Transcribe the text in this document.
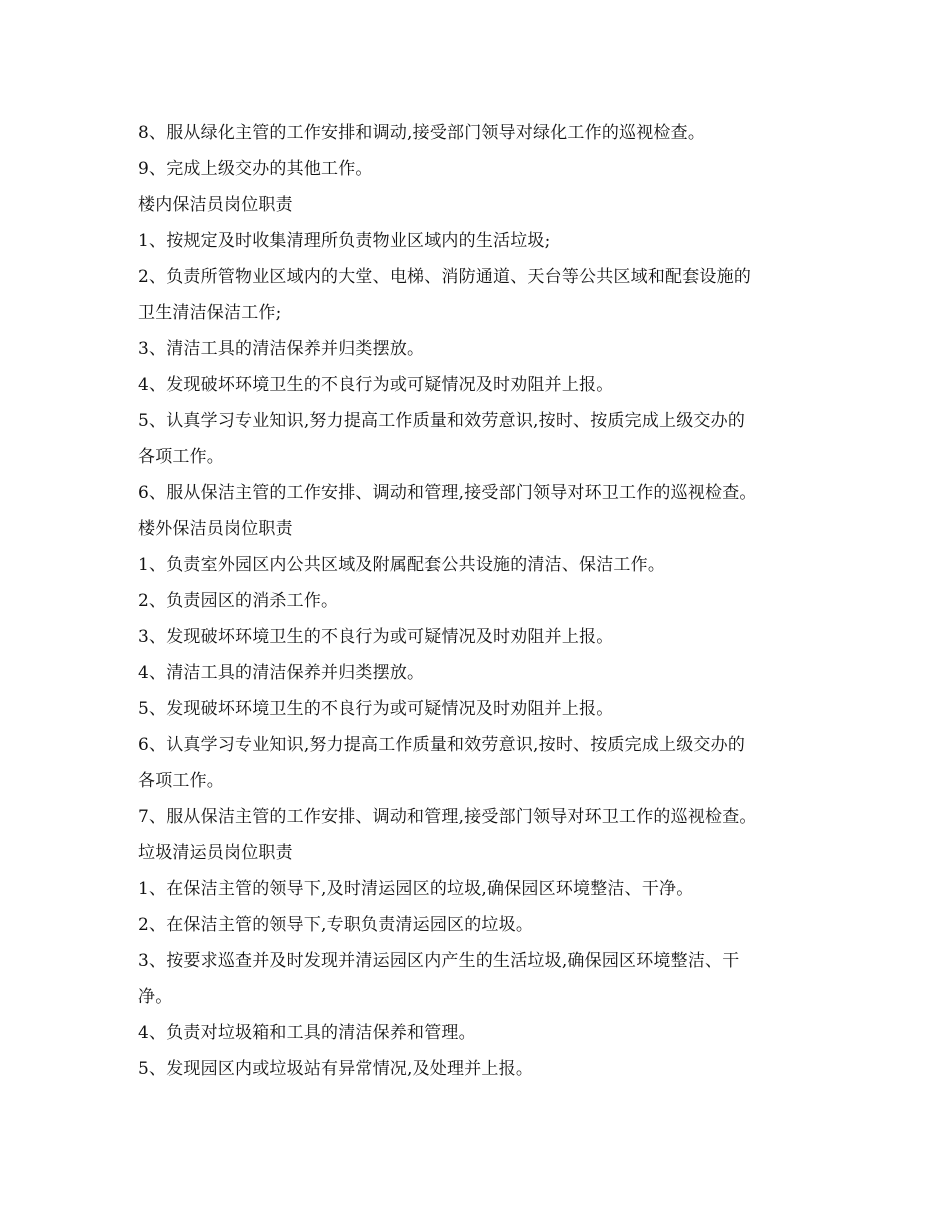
8、服从绿化主管的工作安排和调动,接受部门领导对绿化工作的巡视检查。
9、完成上级交办的其他工作。
楼内保洁员岗位职责
1、按规定及时收集清理所负责物业区域内的生活垃圾;
2、负责所管物业区域内的大堂、电梯、消防通道、天台等公共区域和配套设施的
卫生清洁保洁工作;
3、清洁工具的清洁保养并归类摆放。
4、发现破坏环境卫生的不良行为或可疑情况及时劝阻并上报。
5、认真学习专业知识,努力提高工作质量和效劳意识,按时、按质完成上级交办的
各项工作。
6、服从保洁主管的工作安排、调动和管理,接受部门领导对环卫工作的巡视检查。
楼外保洁员岗位职责
1、负责室外园区内公共区域及附属配套公共设施的清洁、保洁工作。
2、负责园区的消杀工作。
3、发现破坏环境卫生的不良行为或可疑情况及时劝阻并上报。
4、清洁工具的清洁保养并归类摆放。
5、发现破坏环境卫生的不良行为或可疑情况及时劝阻并上报。
6、认真学习专业知识,努力提高工作质量和效劳意识,按时、按质完成上级交办的
各项工作。
7、服从保洁主管的工作安排、调动和管理,接受部门领导对环卫工作的巡视检查。
垃圾清运员岗位职责
1、在保洁主管的领导下,及时清运园区的垃圾,确保园区环境整洁、干净。
2、在保洁主管的领导下,专职负责清运园区的垃圾。
3、按要求巡查并及时发现并清运园区内产生的生活垃圾,确保园区环境整洁、干
净。
4、负责对垃圾箱和工具的清洁保养和管理。
5、发现园区内或垃圾站有异常情况,及处理并上报。
